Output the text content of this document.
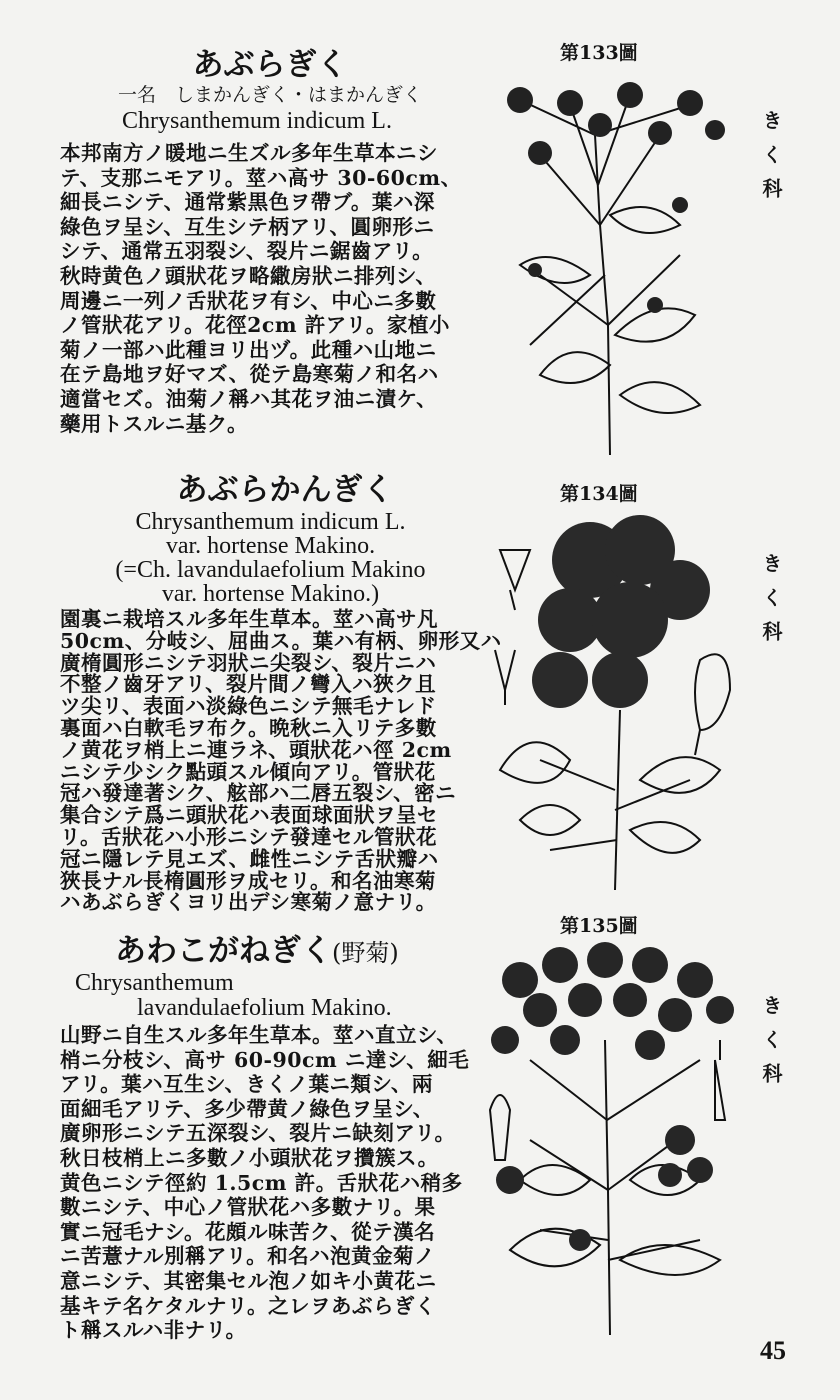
あぶらぎく
一名　しまかんぎく・はまかんぎく
Chrysanthemum indicum L.
本邦南方ノ暖地ニ生ズル多年生草本ニシ
テ、支那ニモアリ。莖ハ高サ 30-60cm、
細長ニシテ、通常紫黒色ヲ帶ブ。葉ハ深
綠色ヲ呈シ、互生シテ柄アリ、圓卵形ニ
シテ、通常五羽裂シ、裂片ニ鋸齒アリ。
秋時黄色ノ頭狀花ヲ略繖房狀ニ排列シ、
周邊ニ一列ノ舌狀花ヲ有シ、中心ニ多數
ノ管狀花アリ。花徑2cm 許アリ。家植小
菊ノ一部ハ此種ヨリ出ヅ。此種ハ山地ニ
在テ島地ヲ好マズ、從テ島寒菊ノ和名ハ
適當セズ。油菊ノ稱ハ其花ヲ油ニ漬ケ、
藥用トスルニ基ク。
あぶらかんぎく
Chrysanthemum indicum L.
var. hortense Makino.
(=Ch. lavandulaefolium Makino
var. hortense Makino.)
園裏ニ栽培スル多年生草本。莖ハ高サ凡
50cm、分岐シ、屈曲ス。葉ハ有柄、卵形又ハ
廣楕圓形ニシテ羽狀ニ尖裂シ、裂片ニハ
不整ノ齒牙アリ、裂片間ノ彎入ハ狹ク且
ツ尖リ、表面ハ淡綠色ニシテ無毛ナレド
裏面ハ白軟毛ヲ布ク。晩秋ニ入リテ多數
ノ黄花ヲ梢上ニ連ラネ、頭狀花ハ徑 2cm
ニシテ少シク點頭スル傾向アリ。管狀花
冠ハ發達著シク、舷部ハ二唇五裂シ、密ニ
集合シテ爲ニ頭狀花ハ表面球面狀ヲ呈セ
リ。舌狀花ハ小形ニシテ發達セル管狀花
冠ニ隱レテ見エズ、雌性ニシテ舌狀瓣ハ
狹長ナル長楕圓形ヲ成セリ。和名油寒菊
ハあぶらぎくヨリ出デシ寒菊ノ意ナリ。
あわこがねぎく(野菊)
Chrysanthemum
lavandulaefolium Makino.
山野ニ自生スル多年生草本。莖ハ直立シ、
梢ニ分枝シ、高サ 60-90cm ニ達シ、細毛
アリ。葉ハ互生シ、きくノ葉ニ類シ、兩
面細毛アリテ、多少帶黄ノ綠色ヲ呈シ、
廣卵形ニシテ五深裂シ、裂片ニ缺刻アリ。
秋日枝梢上ニ多數ノ小頭狀花ヲ攢簇ス。
黄色ニシテ徑約 1.5cm 許。舌狀花ハ稍多
數ニシテ、中心ノ管狀花ハ多數ナリ。果
實ニ冠毛ナシ。花頗ル味苦ク、從テ漢名
ニ苦薏ナル別稱アリ。和名ハ泡黄金菊ノ
意ニシテ、其密集セル泡ノ如キ小黄花ニ
基キテ名ケタルナリ。之レヲあぶらぎく
ト稱スルハ非ナリ。
第133圖
きく科
第134圖
きく科
第135圖
きく科
45
